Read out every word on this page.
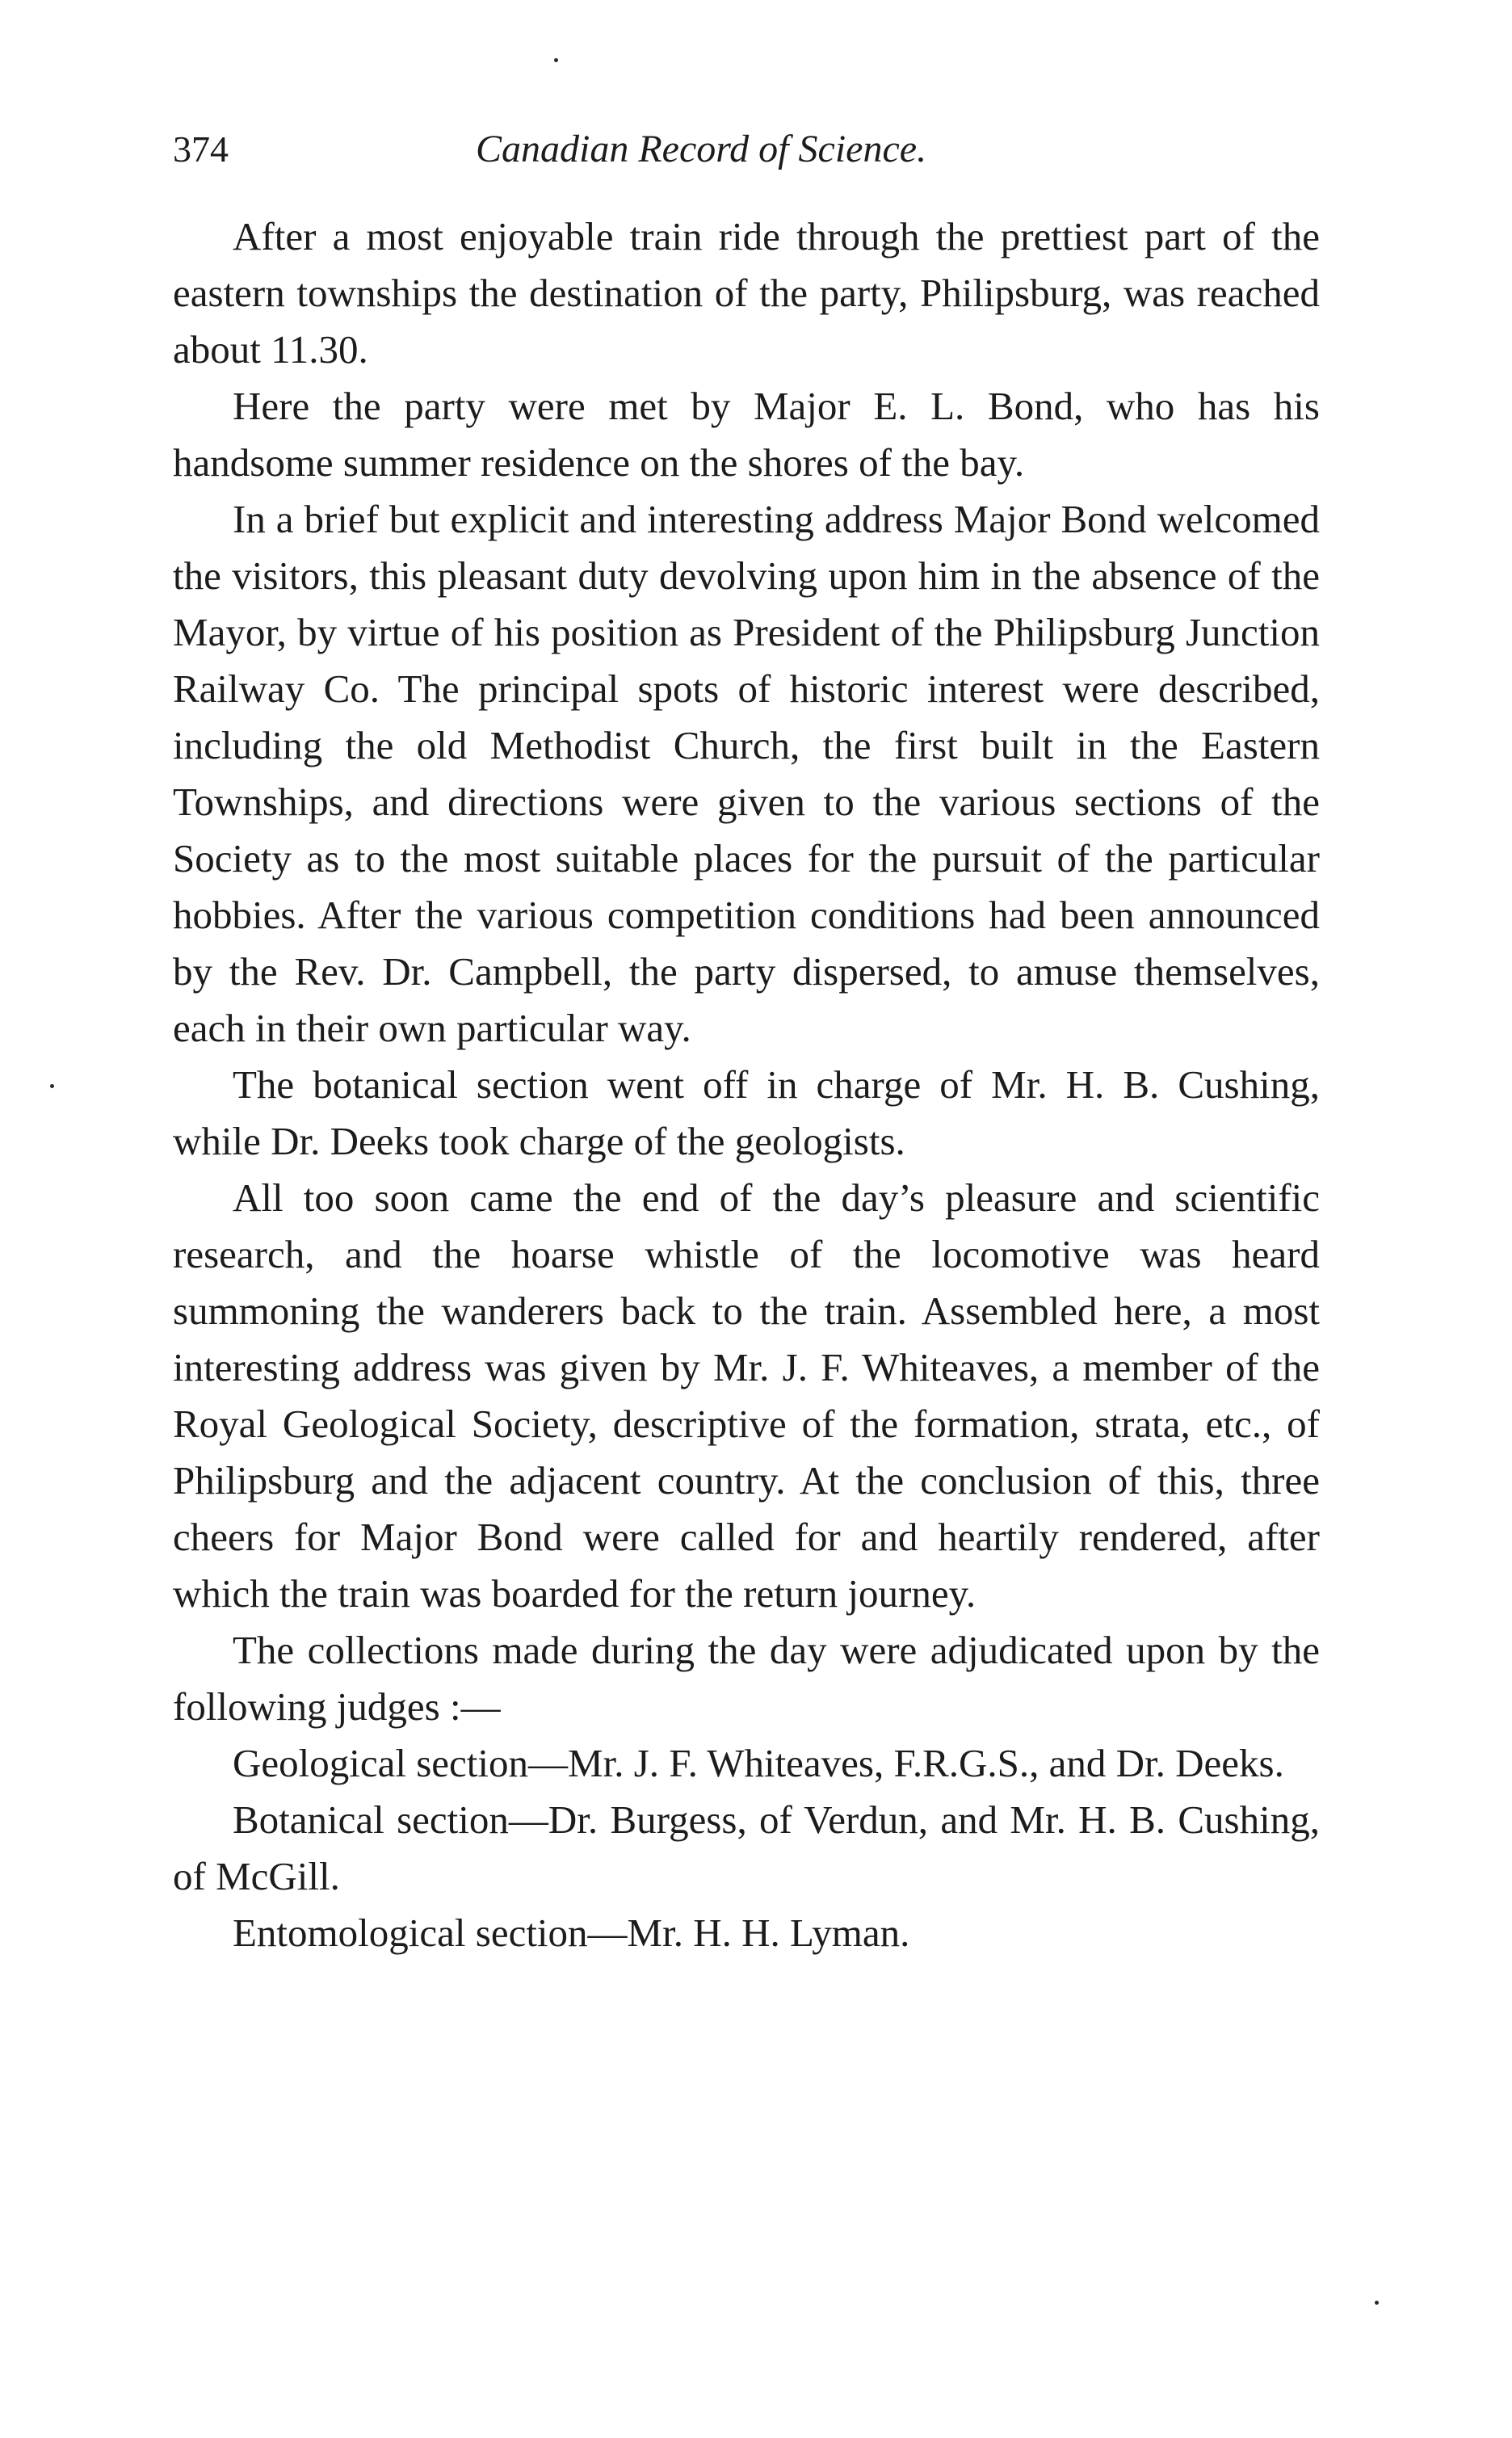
374	Canadian Record of Science.

After a most enjoyable train ride through the prettiest part of the eastern townships the destination of the party, Philipsburg, was reached about 11.30.

Here the party were met by Major E. L. Bond, who has his handsome summer residence on the shores of the bay.

In a brief but explicit and interesting address Major Bond welcomed the visitors, this pleasant duty devolving upon him in the absence of the Mayor, by virtue of his position as President of the Philipsburg Junction Railway Co. The principal spots of historic interest were described, including the old Methodist Church, the first built in the Eastern Townships, and directions were given to the various sections of the Society as to the most suitable places for the pursuit of the particular hobbies. After the various competition conditions had been announced by the Rev. Dr. Campbell, the party dispersed, to amuse themselves, each in their own particular way.

The botanical section went off in charge of Mr. H. B. Cushing, while Dr. Deeks took charge of the geologists.

All too soon came the end of the day’s pleasure and scientific research, and the hoarse whistle of the locomotive was heard summoning the wanderers back to the train. Assembled here, a most interesting address was given by Mr. J. F. Whiteaves, a member of the Royal Geological Society, descriptive of the formation, strata, etc., of Philipsburg and the adjacent country. At the conclusion of this, three cheers for Major Bond were called for and heartily rendered, after which the train was boarded for the return journey.

The collections made during the day were adjudicated upon by the following judges :—

Geological section—Mr. J. F. Whiteaves, F.R.G.S., and Dr. Deeks.

Botanical section—Dr. Burgess, of Verdun, and Mr. H. B. Cushing, of McGill.

Entomological section—Mr. H. H. Lyman.
